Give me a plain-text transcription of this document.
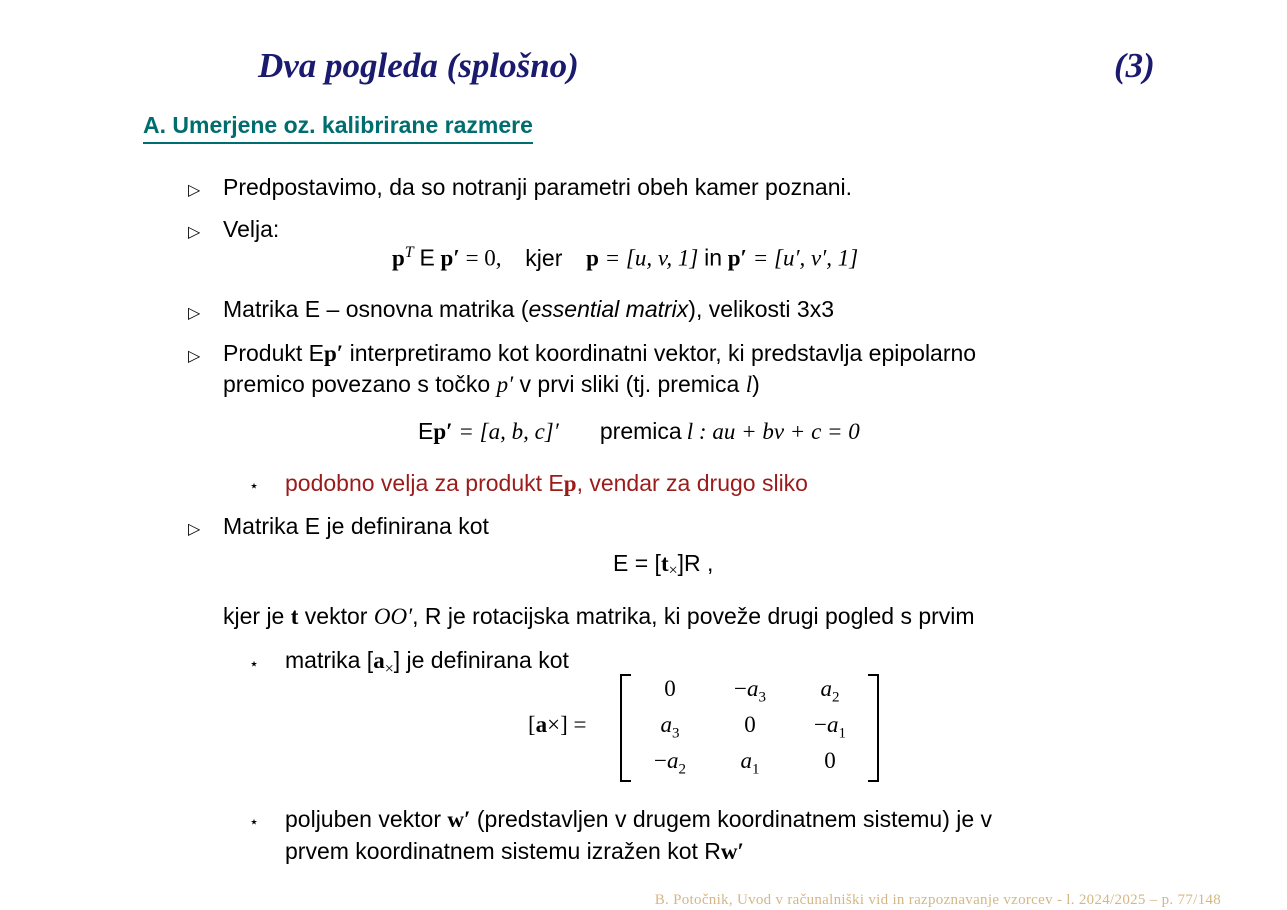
Dva pogleda (splošno)	(3)
A. Umerjene oz. kalibrirane razmere
▷ Predpostavimo, da so notranji parametri obeh kamer poznani.
▷ Velja:
$p^T$ E p′ = 0, kjer p = [u, v, 1] in p′ = [u′, v′, 1]
▷ Matrika E – osnovna matrika (essential matrix), velikosti 3x3
▷ Produkt Ep′ interpretiramo kot koordinatni vektor, ki predstavlja epipolarno
premico povezano s točko p′ v prvi sliki (tj. premica l)
Ep′ = [a, b, c]′ premica l : au + bv + c = 0
⋆ podobno velja za produkt Ep, vendar za drugo sliko
▷ Matrika E je definirana kot
$E = [t_\times]R$ ,
kjer je t vektor OO′, R je rotacijska matrika, ki poveže drugi pogled s prvim
⋆ matrika $[a_\times]$ je definirana kot
[a×] =
0	$-a_3$	$a_2$
$a_3$	0	$-a_1$
$-a_2$	$a_1$	0
⋆ poljuben vektor w′ (predstavljen v drugem koordinatnem sistemu) je v
prvem koordinatnem sistemu izražen kot Rw′
B. Potočnik, Uvod v računalniški vid in razpoznavanje vzorcev - l. 2024/2025 – p. 77/148
